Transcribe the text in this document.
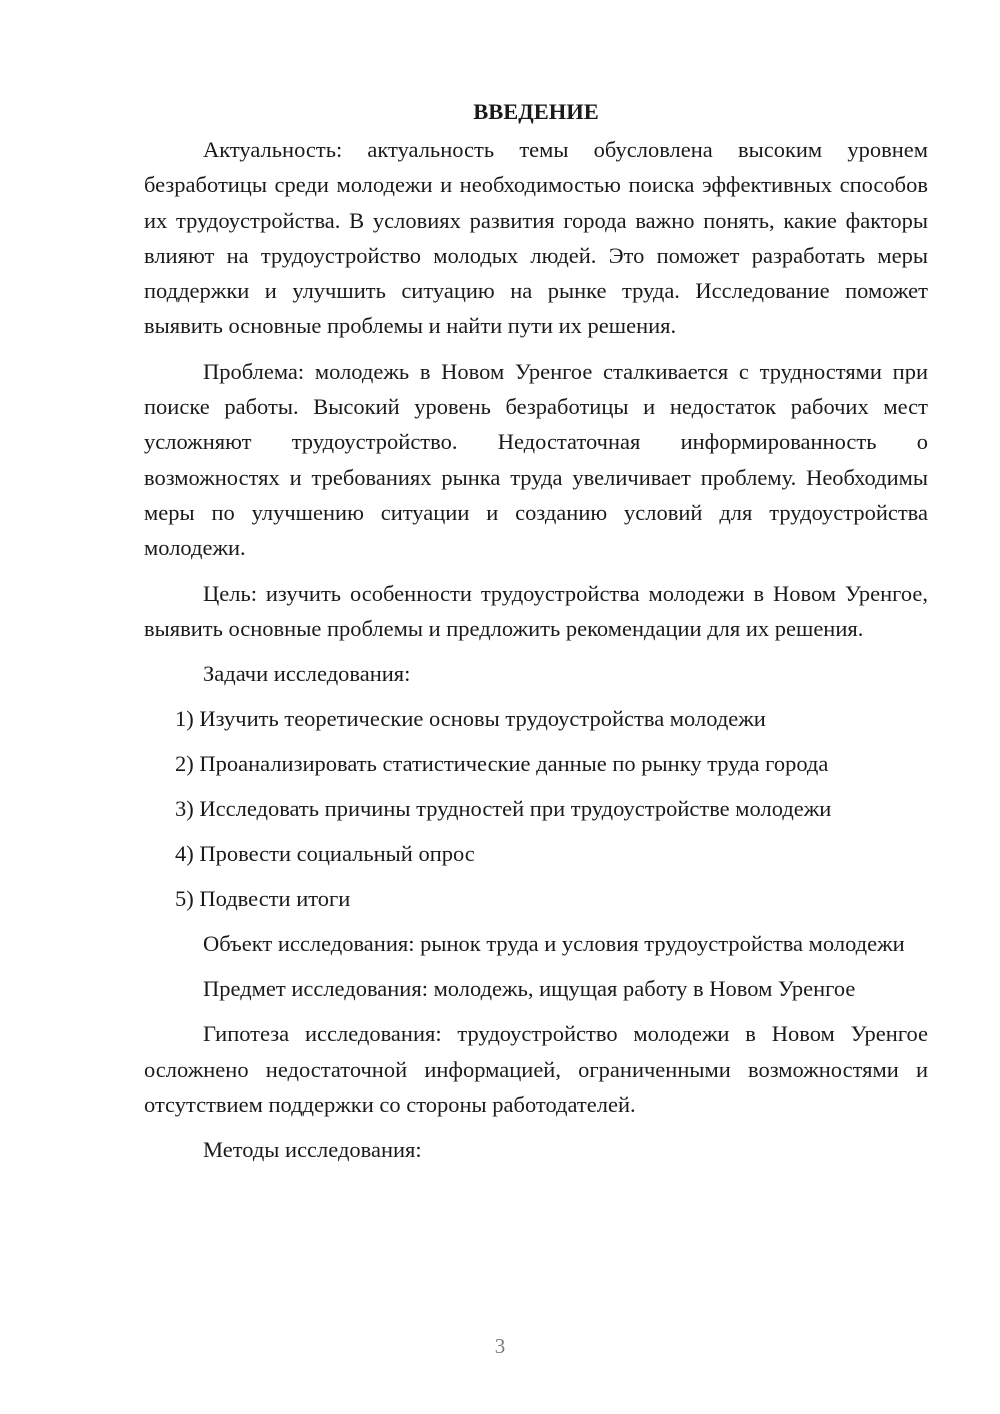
ВВЕДЕНИЕ

Актуальность: актуальность темы обусловлена высоким уровнем безработицы среди молодежи и необходимостью поиска эффективных способов их трудоустройства. В условиях развития города важно понять, какие факторы влияют на трудоустройство молодых людей. Это поможет разработать меры поддержки и улучшить ситуацию на рынке труда. Исследование поможет выявить основные проблемы и найти пути их решения.

Проблема: молодежь в Новом Уренгое сталкивается с трудностями при поиске работы. Высокий уровень безработицы и недостаток рабочих мест усложняют трудоустройство. Недостаточная информированность о возможностях и требованиях рынка труда увеличивает проблему. Необходимы меры по улучшению ситуации и созданию условий для трудоустройства молодежи.

Цель: изучить особенности трудоустройства молодежи в Новом Уренгое, выявить основные проблемы и предложить рекомендации для их решения.

Задачи исследования:

1) Изучить теоретические основы трудоустройства молодежи

2) Проанализировать статистические данные по рынку труда города

3) Исследовать причины трудностей при трудоустройстве молодежи

4) Провести социальный опрос

5) Подвести итоги

Объект исследования: рынок труда и условия трудоустройства молодежи

Предмет исследования: молодежь, ищущая работу в Новом Уренгое

Гипотеза исследования: трудоустройство молодежи в Новом Уренгое осложнено недостаточной информацией, ограниченными возможностями и отсутствием поддержки со стороны работодателей.

Методы исследования:

3
